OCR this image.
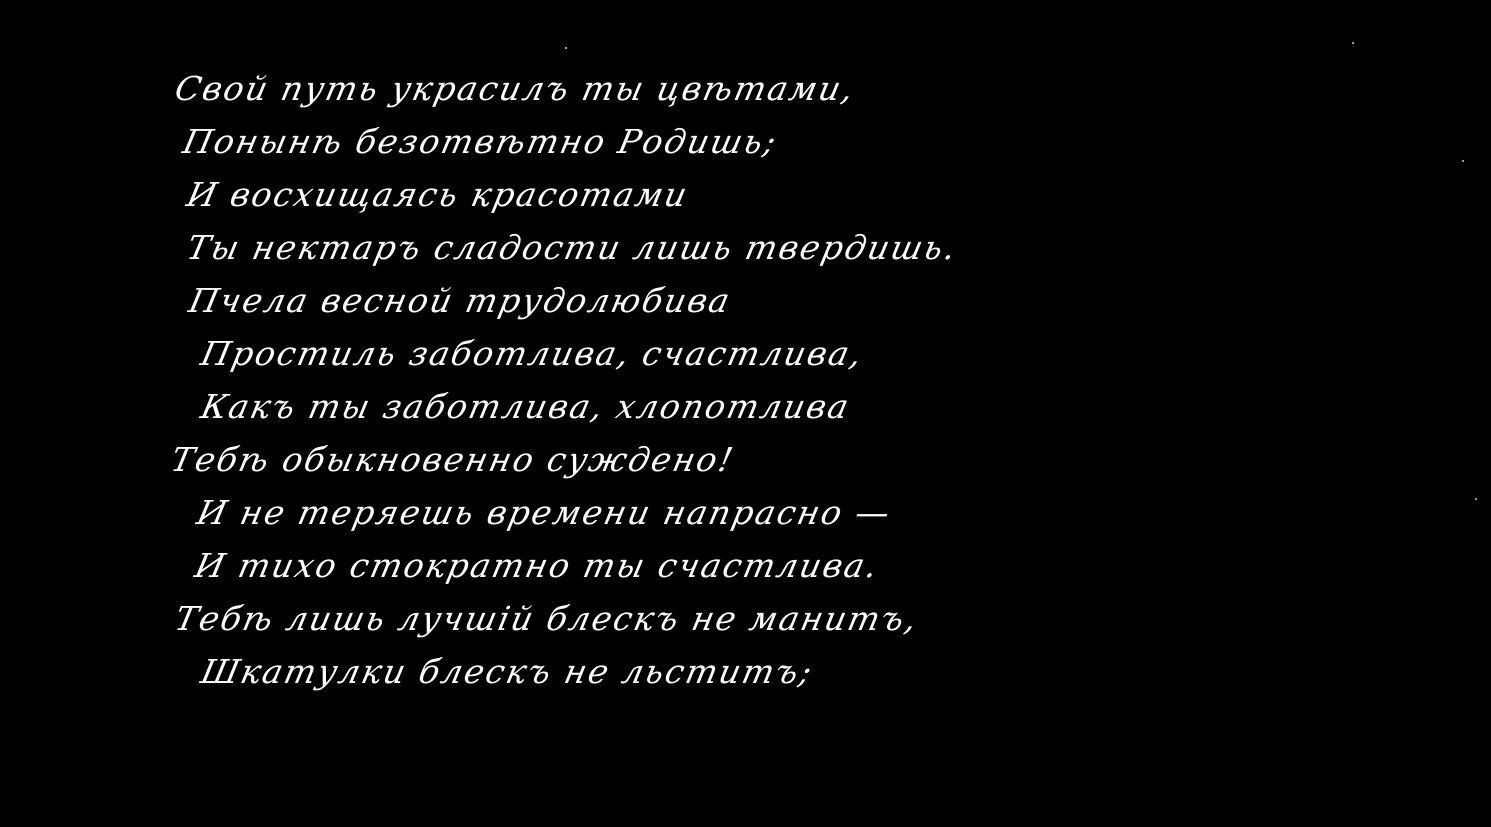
Свой путь украсилъ ты цвѣтами,
Понынѣ безотвѣтно Родишь;
И восхищаясь красотами
Ты нектаръ сладости лишь твердишь.
Пчела весной трудолюбива
Простиль заботлива, счастлива,
Какъ ты заботлива, хлопотлива
Тебѣ обыкновенно суждено!
И не теряешь времени напрасно —
И тихо стократно ты счастлива.
Тебѣ лишь лучшій блескъ не манитъ,
Шкатулки блескъ не льститъ;
